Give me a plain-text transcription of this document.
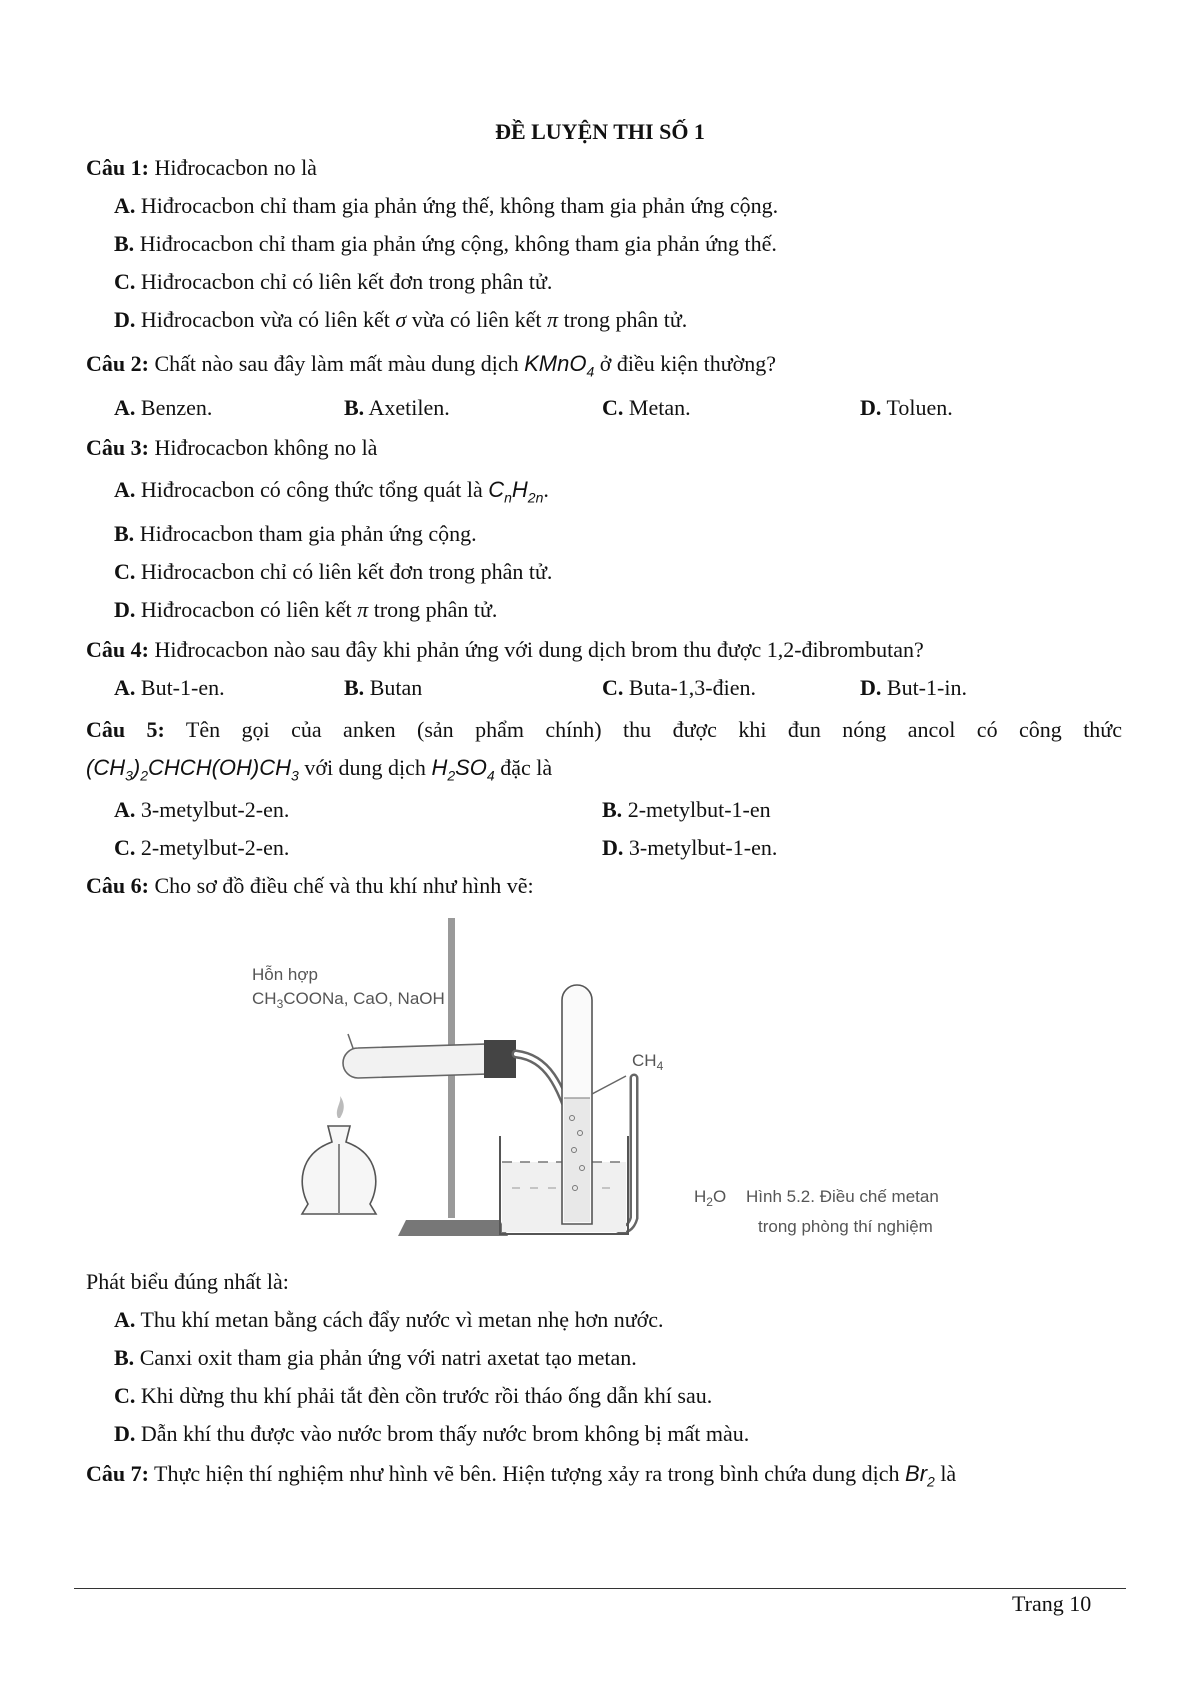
ĐỀ LUYỆN THI SỐ 1
Câu 1: Hiđrocacbon no là
A. Hiđrocacbon chỉ tham gia phản ứng thế, không tham gia phản ứng cộng.
B. Hiđrocacbon chỉ tham gia phản ứng cộng, không tham gia phản ứng thế.
C. Hiđrocacbon chỉ có liên kết đơn trong phân tử.
D. Hiđrocacbon vừa có liên kết σ vừa có liên kết π trong phân tử.
Câu 2: Chất nào sau đây làm mất màu dung dịch KMnO$_4$ ở điều kiện thường?
A. Benzen.	B. Axetilen.	C. Metan.	D. Toluen.
Câu 3: Hiđrocacbon không no là
A. Hiđrocacbon có công thức tổng quát là $C_nH_{2n}$.
B. Hiđrocacbon tham gia phản ứng cộng.
C. Hiđrocacbon chỉ có liên kết đơn trong phân tử.
D. Hiđrocacbon có liên kết π trong phân tử.
Câu 4: Hiđrocacbon nào sau đây khi phản ứng với dung dịch brom thu được 1,2-đibrombutan?
A. But-1-en.	B. Butan	C. Buta-1,3-đien.	D. But-1-in.
Câu 5: Tên gọi của anken (sản phẩm chính) thu được khi đun nóng ancol có công thức
$(CH_3)_2CHCH(OH)CH_3$ với dung dịch $H_2SO_4$ đặc là
A. 3-metylbut-2-en.	B. 2-metylbut-1-en
C. 2-metylbut-2-en.	D. 3-metylbut-1-en.
Câu 6: Cho sơ đồ điều chế và thu khí như hình vẽ:
Hỗn hợp
$CH_3COONa$, CaO, NaOH
$CH_4$
$H_2O$ Hình 5.2. Điều chế metan
trong phòng thí nghiệm
Phát biểu đúng nhất là:
A. Thu khí metan bằng cách đẩy nước vì metan nhẹ hơn nước.
B. Canxi oxit tham gia phản ứng với natri axetat tạo metan.
C. Khi dừng thu khí phải tắt đèn cồn trước rồi tháo ống dẫn khí sau.
D. Dẫn khí thu được vào nước brom thấy nước brom không bị mất màu.
Câu 7: Thực hiện thí nghiệm như hình vẽ bên. Hiện tượng xảy ra trong bình chứa dung dịch $Br_2$ là
Trang 10
